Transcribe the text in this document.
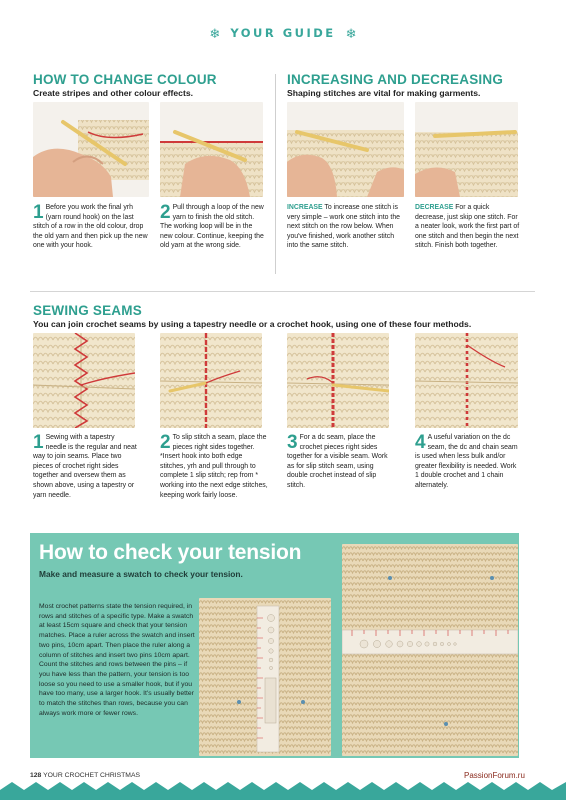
❄ YOUR GUIDE ❄
HOW TO CHANGE COLOUR
Create stripes and other colour effects.
1 Before you work the final yrh (yarn round hook) on the last stitch of a row in the old colour, drop the old yarn and then pick up the new one with your hook.
2 Pull through a loop of the new yarn to finish the old stitch. The working loop will be in the new colour. Continue, keeping the old yarn at the wrong side.
INCREASING AND DECREASING
Shaping stitches are vital for making garments.
INCREASE To increase one stitch is very simple – work one stitch into the next stitch on the row below. When you've finished, work another stitch into the same stitch.
DECREASE For a quick decrease, just skip one stitch. For a neater look, work the first part of one stitch and then begin the next stitch. Finish both together.
SEWING SEAMS
You can join crochet seams by using a tapestry needle or a crochet hook, using one of these four methods.
1 Sewing with a tapestry needle is the regular and neat way to join seams. Place two pieces of crochet right sides together and oversew them as shown above, using a tapestry or yarn needle.
2 To slip stitch a seam, place the pieces right sides together. *Insert hook into both edge stitches, yrh and pull through to complete 1 slip stitch; rep from * working into the next edge stitches, keeping work fairly loose.
3 For a dc seam, place the crochet pieces right sides together for a visible seam. Work as for slip stitch seam, using double crochet instead of slip stitch.
4 A useful variation on the dc seam, the dc and chain seam is used when less bulk and/or greater flexibility is needed. Work 1 double crochet and 1 chain alternately.
How to check your tension
Make and measure a swatch to check your tension.
Most crochet patterns state the tension required, in rows and stitches of a specific type. Make a swatch at least 15cm square and check that your tension matches. Place a ruler across the swatch and insert two pins, 10cm apart. Then place the ruler along a column of stitches and insert two pins 10cm apart. Count the stitches and rows between the pins – if you have less than the pattern, your tension is too loose so you need to use a smaller hook, but if you have too many, use a larger hook. It's usually better to match the stitches than rows, because you can always work more or fewer rows.
128 YOUR CROCHET CHRISTMAS	PassionForum.ru
